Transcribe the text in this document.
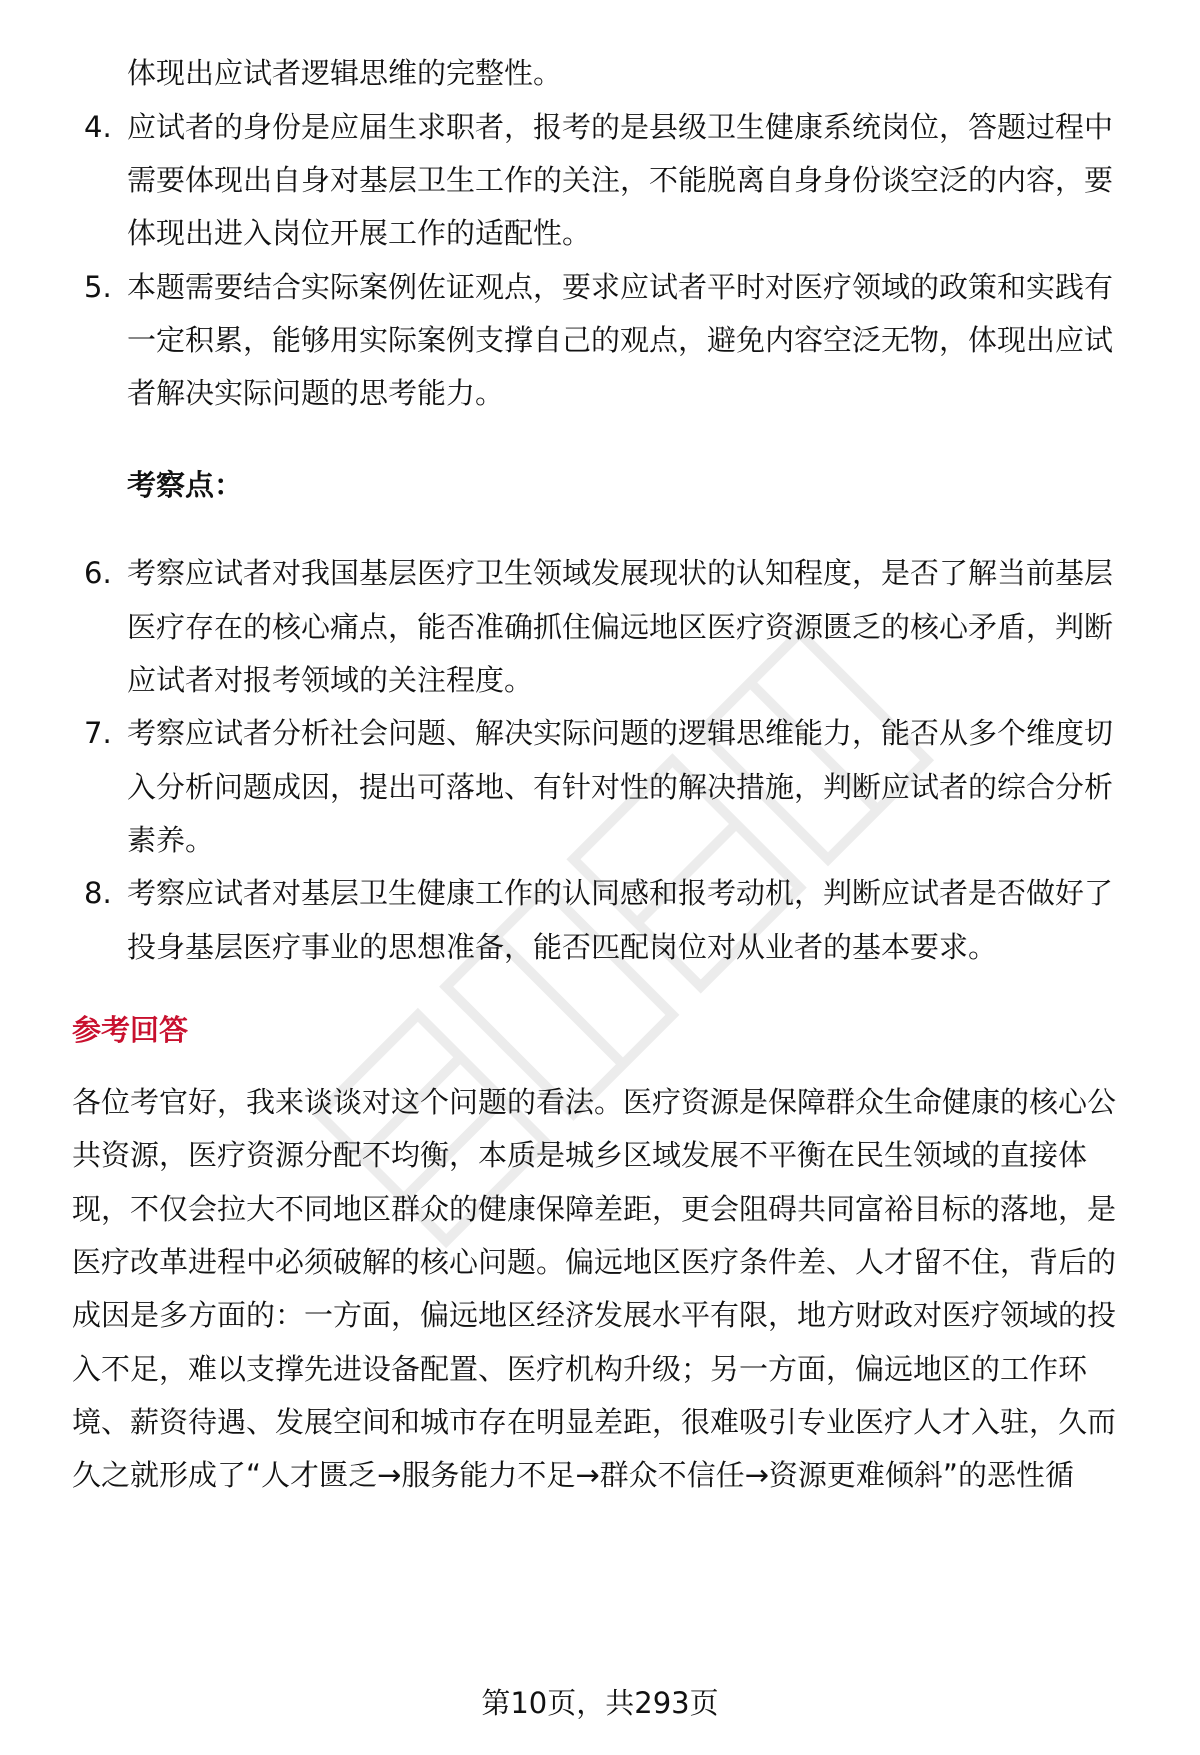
体现出应试者逻辑思维的完整性。
4. 应试者的身份是应届生求职者，报考的是县级卫生健康系统岗位，答题过程中
需要体现出自身对基层卫生工作的关注，不能脱离自身身份谈空泛的内容，要
体现出进入岗位开展工作的适配性。
5. 本题需要结合实际案例佐证观点，要求应试者平时对医疗领域的政策和实践有
一定积累，能够用实际案例支撑自己的观点，避免内容空泛无物，体现出应试
者解决实际问题的思考能力。
考察点：
6. 考察应试者对我国基层医疗卫生领域发展现状的认知程度，是否了解当前基层
医疗存在的核心痛点，能否准确抓住偏远地区医疗资源匮乏的核心矛盾，判断
应试者对报考领域的关注程度。
7. 考察应试者分析社会问题、解决实际问题的逻辑思维能力，能否从多个维度切
入分析问题成因，提出可落地、有针对性的解决措施，判断应试者的综合分析
素养。
8. 考察应试者对基层卫生健康工作的认同感和报考动机，判断应试者是否做好了
投身基层医疗事业的思想准备，能否匹配岗位对从业者的基本要求。
参考回答
各位考官好，我来谈谈对这个问题的看法。医疗资源是保障群众生命健康的核心公
共资源，医疗资源分配不均衡，本质是城乡区域发展不平衡在民生领域的直接体
现，不仅会拉大不同地区群众的健康保障差距，更会阻碍共同富裕目标的落地，是
医疗改革进程中必须破解的核心问题。偏远地区医疗条件差、人才留不住，背后的
成因是多方面的：一方面，偏远地区经济发展水平有限，地方财政对医疗领域的投
入不足，难以支撑先进设备配置、医疗机构升级；另一方面，偏远地区的工作环
境、薪资待遇、发展空间和城市存在明显差距，很难吸引专业医疗人才入驻，久而
久之就形成了“人才匮乏→服务能力不足→群众不信任→资源更难倾斜”的恶性循
第10页，共293页
